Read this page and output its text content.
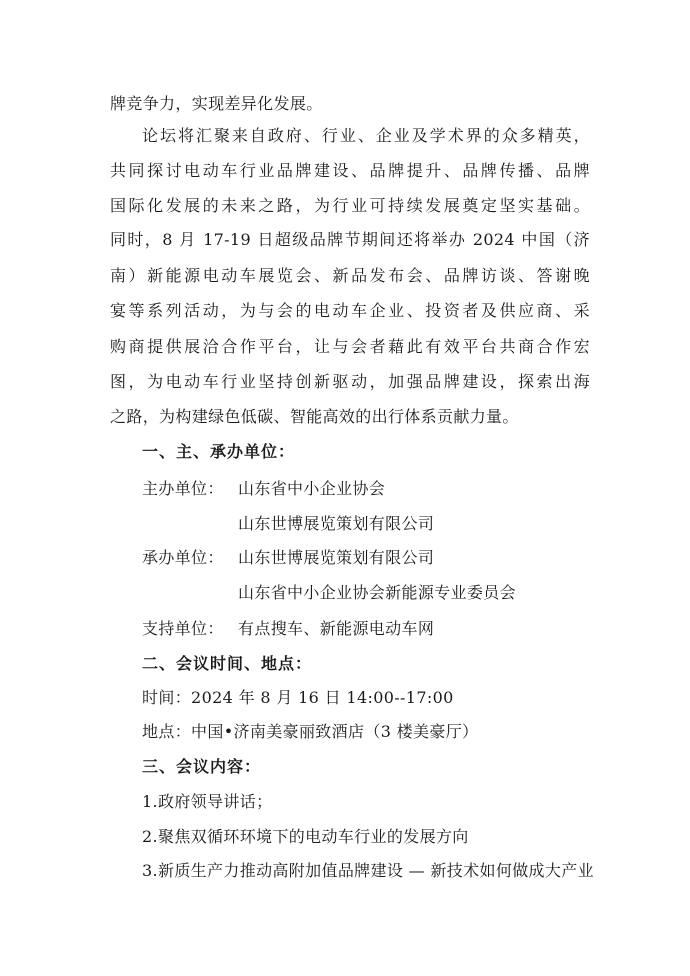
牌竞争力，实现差异化发展。
论坛将汇聚来自政府、行业、企业及学术界的众多精英，
共同探讨电动车行业品牌建设、品牌提升、品牌传播、品牌
国际化发展的未来之路，为行业可持续发展奠定坚实基础。
同时，8 月 17-19 日超级品牌节期间还将举办 2024 中国（济
南）新能源电动车展览会、新品发布会、品牌访谈、答谢晚
宴等系列活动，为与会的电动车企业、投资者及供应商、采
购商提供展洽合作平台，让与会者藉此有效平台共商合作宏
图，为电动车行业坚持创新驱动，加强品牌建设，探索出海
之路，为构建绿色低碳、智能高效的出行体系贡献力量。
一、主、承办单位：
主办单位： 山东省中小企业协会
山东世博展览策划有限公司
承办单位： 山东世博展览策划有限公司
山东省中小企业协会新能源专业委员会
支持单位： 有点搜车、新能源电动车网
二、会议时间、地点：
时间：2024 年 8 月 16 日 14:00--17:00
地点：中国•济南美豪丽致酒店（3 楼美豪厅）
三、会议内容：
1.政府领导讲话；
2.聚焦双循环环境下的电动车行业的发展方向
3.新质生产力推动高附加值品牌建设 — 新技术如何做成大产业
